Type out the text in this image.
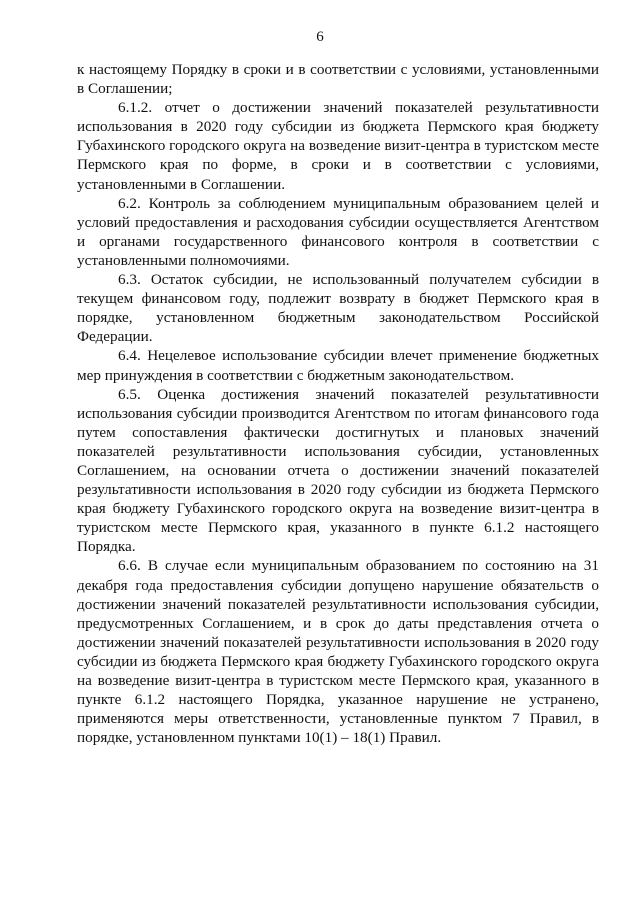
6

к настоящему Порядку в сроки и в соответствии с условиями, установленными в Соглашении;

6.1.2. отчет о достижении значений показателей результативности использования в 2020 году субсидии из бюджета Пермского края бюджету Губахинского городского округа на возведение визит-центра в туристском месте Пермского края по форме, в сроки и в соответствии с условиями, установленными в Соглашении.

6.2. Контроль за соблюдением муниципальным образованием целей и условий предоставления и расходования субсидии осуществляется Агентством и органами государственного финансового контроля в соответствии с установленными полномочиями.

6.3. Остаток субсидии, не использованный получателем субсидии в текущем финансовом году, подлежит возврату в бюджет Пермского края в порядке, установленном бюджетным законодательством Российской Федерации.

6.4. Нецелевое использование субсидии влечет применение бюджетных мер принуждения в соответствии с бюджетным законодательством.

6.5. Оценка достижения значений показателей результативности использования субсидии производится Агентством по итогам финансового года путем сопоставления фактически достигнутых и плановых значений показателей результативности использования субсидии, установленных Соглашением, на основании отчета о достижении значений показателей результативности использования в 2020 году субсидии из бюджета Пермского края бюджету Губахинского городского округа на возведение визит-центра в туристском месте Пермского края, указанного в пункте 6.1.2 настоящего Порядка.

6.6. В случае если муниципальным образованием по состоянию на 31 декабря года предоставления субсидии допущено нарушение обязательств о достижении значений показателей результативности использования субсидии, предусмотренных Соглашением, и в срок до даты представления отчета о достижении значений показателей результативности использования в 2020 году субсидии из бюджета Пермского края бюджету Губахинского городского округа на возведение визит-центра в туристском месте Пермского края, указанного в пункте 6.1.2 настоящего Порядка, указанное нарушение не устранено, применяются меры ответственности, установленные пунктом 7 Правил, в порядке, установленном пунктами 10(1) – 18(1) Правил.
